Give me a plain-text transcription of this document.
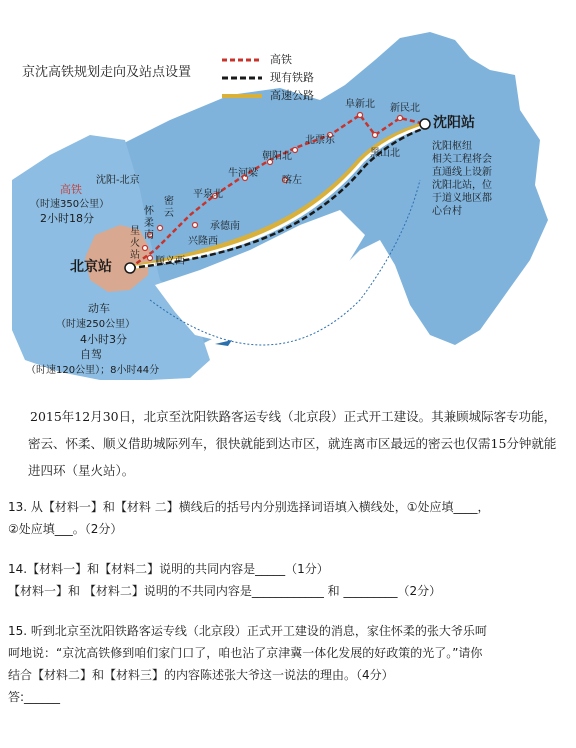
京沈高铁规划走向及站点设置
高铁
现有铁路
高速公路
沈阳站
北京站
阜新北 新民北
北票东
朝阳北	黑山北
牛河梁
喀左
平泉北
承德南
兴隆西
密云
怀柔南
星火站
顺义西
沈阳枢纽
相关工程将会
直通线上设新
沈阳北站，位
于道义地区都
心台村
沈阳-北京
高铁
（时速350公里）
2小时18分
动车
（时速250公里）
4小时3分
自驾
（时速120公里）；8小时44分
2015年12月30日，北京至沈阳铁路客运专线（北京段）正式开工建设。其兼顾城际客专功能，密云、怀柔、顺义借助城际列车，很快就能到达市区，就连离市区最远的密云也仅需15分钟就能进四环（星火站）。
13. 从【材料一】和【材料 二】横线后的括号内分别选择词语填入横线处，①处应填____，
②处应填___。（2分）
14.【材料一】和【材料二】说明的共同内容是_____（1分）
【材料一】和 【材料二】说明的不共同内容是____________ 和 _________（2分）
15. 听到北京至沈阳铁路客运专线（北京段）正式开工建设的消息，家住怀柔的张大爷乐呵
呵地说：“京沈高铁修到咱们家门口了，咱也沾了京津冀一体化发展的好政策的光了。”请你
结合【材料二】和【材料三】的内容陈述张大爷这一说法的理由。（4分）
答:______
